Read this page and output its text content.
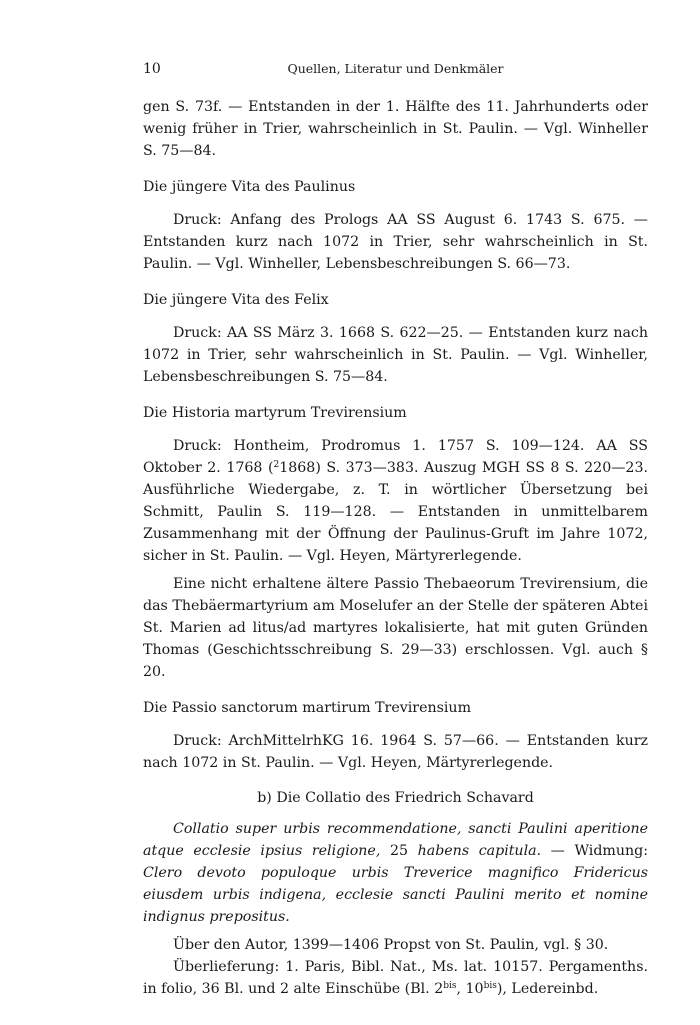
10	Quellen, Literatur und Denkmäler

gen S. 73f. — Entstanden in der 1. Hälfte des 11. Jahrhunderts oder wenig früher in Trier, wahrscheinlich in St. Paulin. — Vgl. Winheller S. 75—84.

Die jüngere Vita des Paulinus

Druck: Anfang des Prologs AA SS August 6. 1743 S. 675. — Entstanden kurz nach 1072 in Trier, sehr wahrscheinlich in St. Paulin. — Vgl. Winheller, Lebensbeschreibungen S. 66—73.

Die jüngere Vita des Felix

Druck: AA SS März 3. 1668 S. 622—25. — Entstanden kurz nach 1072 in Trier, sehr wahrscheinlich in St. Paulin. — Vgl. Winheller, Lebensbeschreibungen S. 75—84.

Die Historia martyrum Trevirensium

Druck: Hontheim, Prodromus 1. 1757 S. 109—124. AA SS Oktober 2. 1768 ($^2$1868) S. 373—383. Auszug MGH SS 8 S. 220—23. Ausführliche Wiedergabe, z. T. in wörtlicher Übersetzung bei Schmitt, Paulin S. 119—128. — Entstanden in unmittelbarem Zusammenhang mit der Öffnung der Paulinus-Gruft im Jahre 1072, sicher in St. Paulin. — Vgl. Heyen, Märtyrerlegende.

Eine nicht erhaltene ältere Passio Thebaeorum Trevirensium, die das Thebäermartyrium am Moselufer an der Stelle der späteren Abtei St. Marien ad litus/ad martyres lokalisierte, hat mit guten Gründen Thomas (Geschichtsschreibung S. 29—33) erschlossen. Vgl. auch § 20.

Die Passio sanctorum martirum Trevirensium

Druck: ArchMittelrhKG 16. 1964 S. 57—66. — Entstanden kurz nach 1072 in St. Paulin. — Vgl. Heyen, Märtyrerlegende.

b) Die Collatio des Friedrich Schavard

Collatio super urbis recommendatione, sancti Paulini aperitione atque ecclesie ipsius religione, 25 habens capitula. — Widmung: Clero devoto populoque urbis Treverice magnifico Fridericus eiusdem urbis indigena, ecclesie sancti Paulini merito et nomine indignus prepositus.

Über den Autor, 1399—1406 Propst von St. Paulin, vgl. § 30.

Überlieferung: 1. Paris, Bibl. Nat., Ms. lat. 10157. Pergamenths. in folio, 36 Bl. und 2 alte Einschübe (Bl. $2^{bis}$, $10^{bis}$), Ledereinbd.
